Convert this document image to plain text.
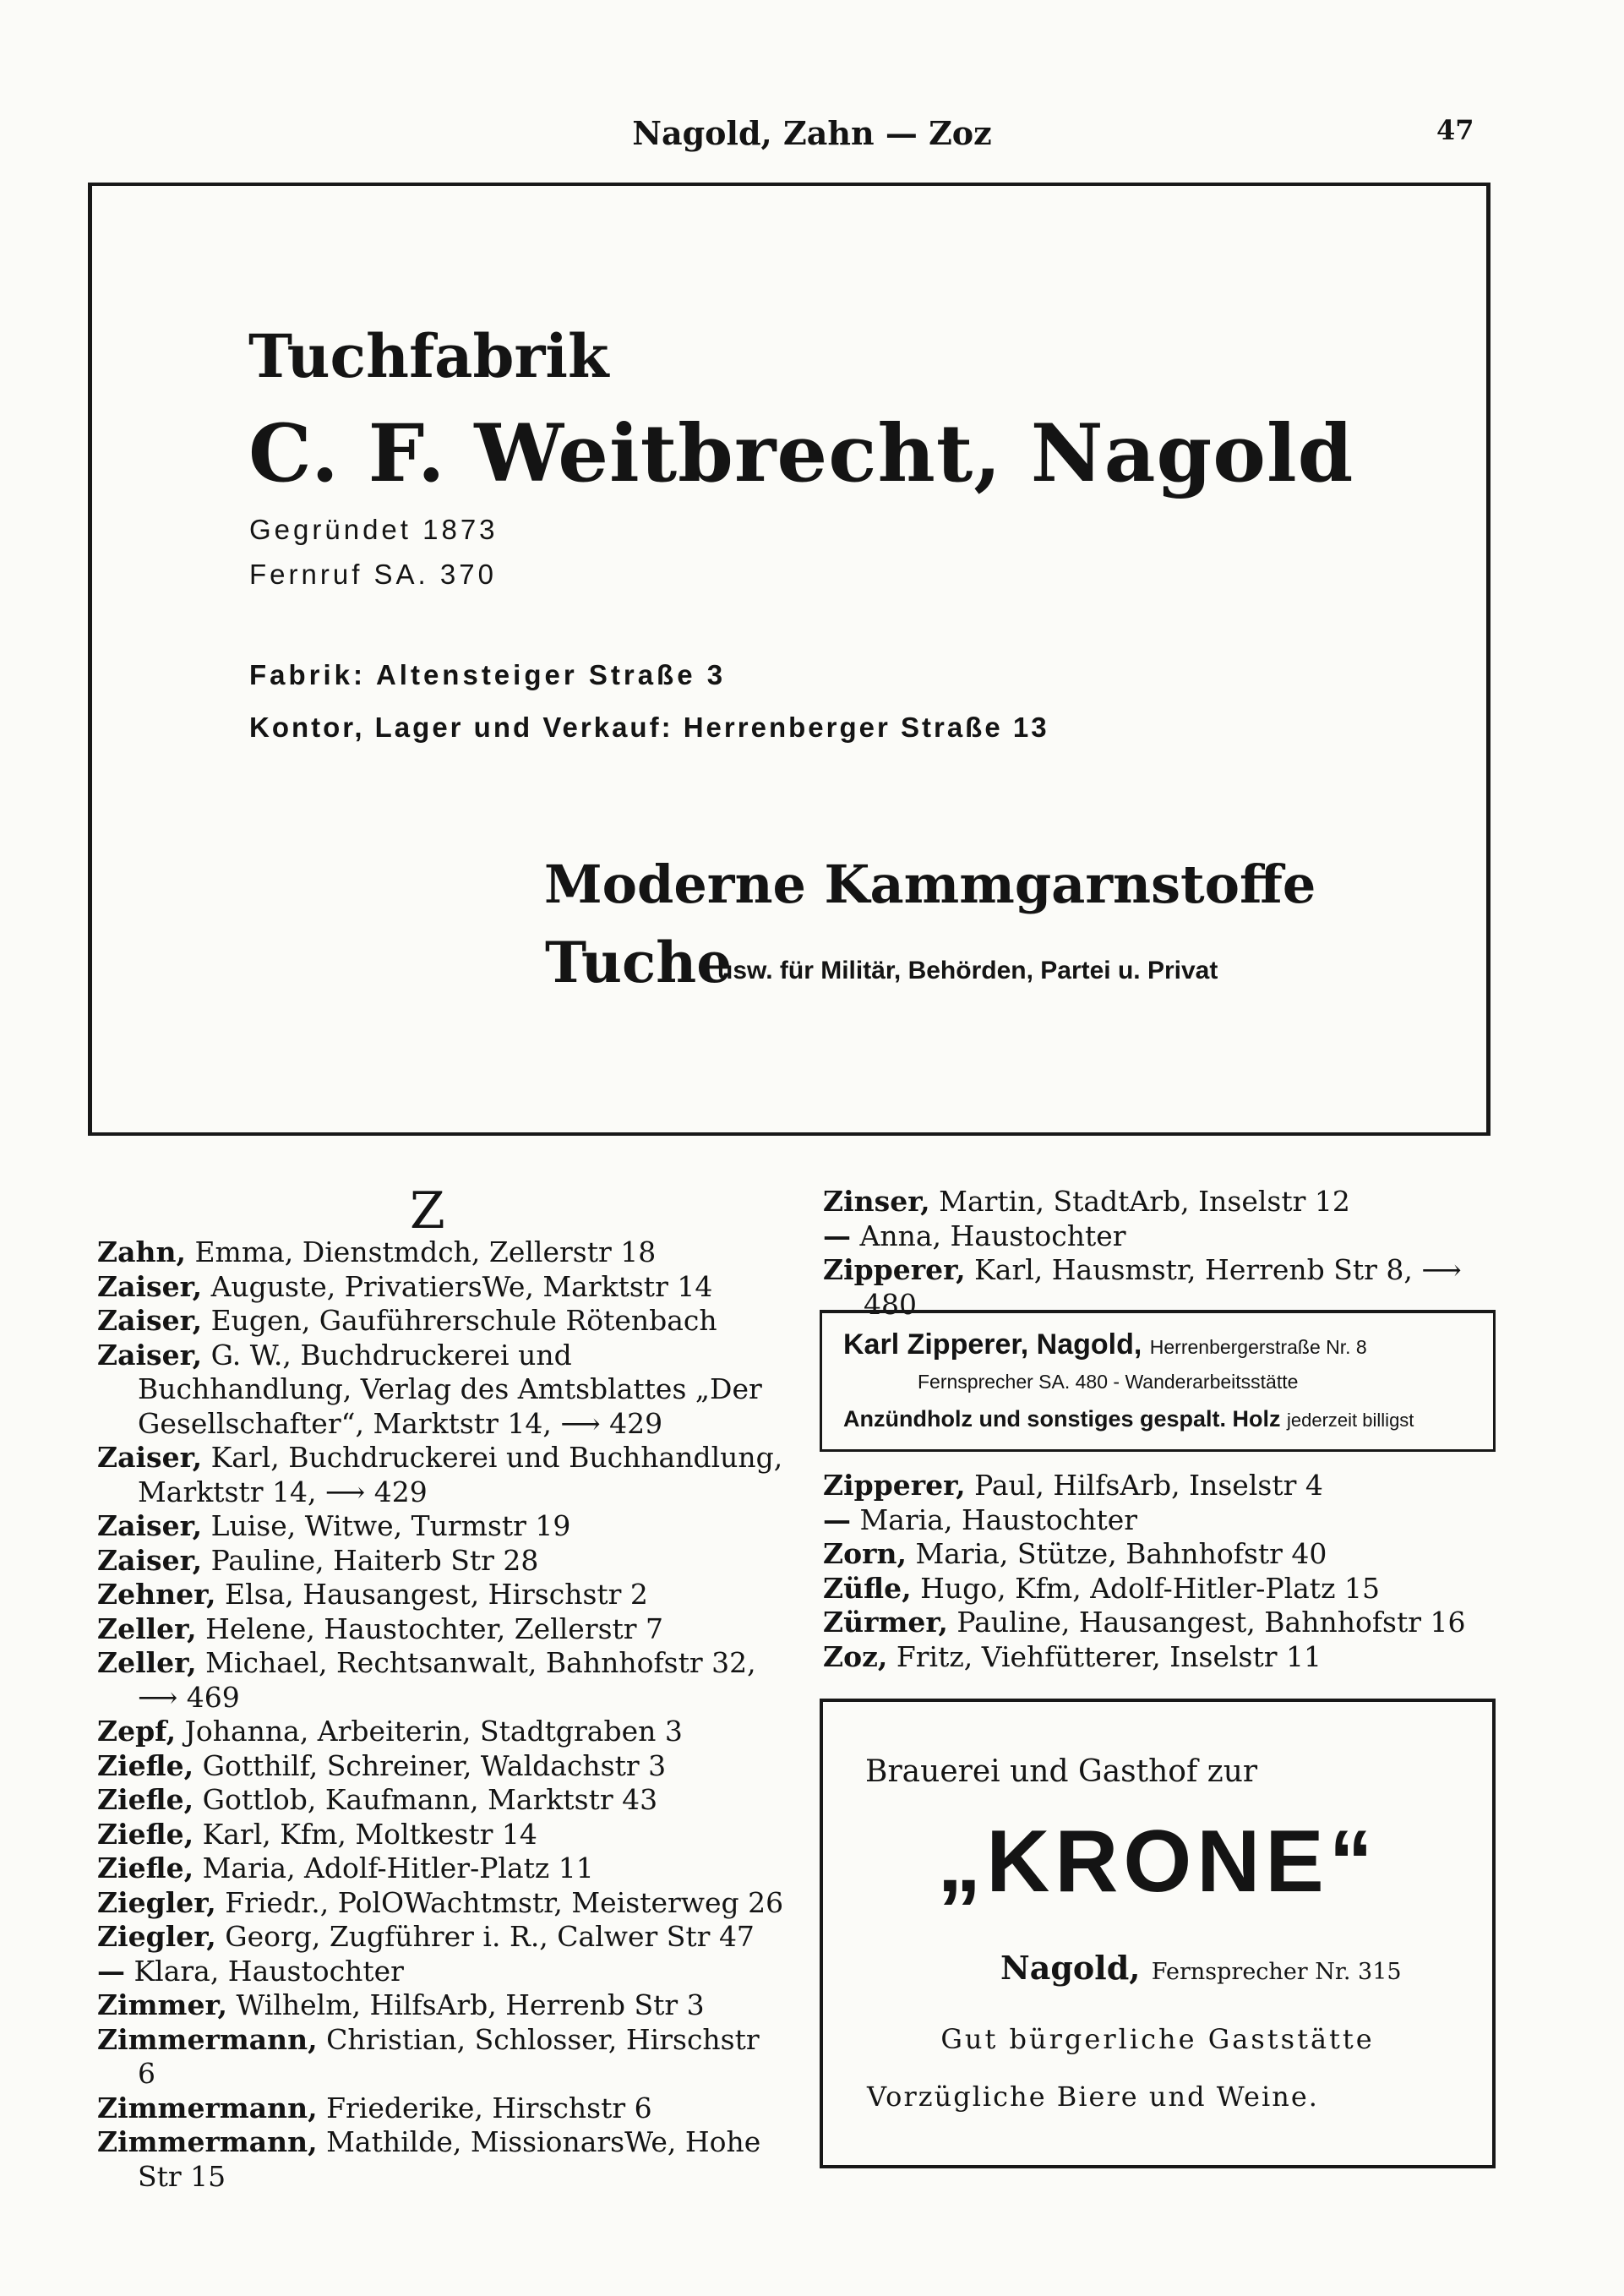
Nagold, Zahn — Zoz	47
Tuchfabrik
C. F. Weitbrecht, Nagold
Gegründet 1873
Fernruf SA. 370
Fabrik: Altensteiger Straße 3
Kontor, Lager und Verkauf: Herrenberger Straße 13
Moderne Kammgarnstoffe
Tuche
usw. für Militär, Behörden, Partei u. Privat
Z
Zahn, Emma, Dienstmdch, Zellerstr 18
Zaiser, Auguste, PrivatiersWe, Marktstr 14
Zaiser, Eugen, Gauführerschule Rötenbach
Zaiser, G. W., Buchdruckerei und Buchhandlung, Verlag des Amtsblattes „Der Gesellschafter“, Marktstr 14, ⟶ 429
Zaiser, Karl, Buchdruckerei und Buchhandlung, Marktstr 14, ⟶ 429
Zaiser, Luise, Witwe, Turmstr 19
Zaiser, Pauline, Haiterb Str 28
Zehner, Elsa, Hausangest, Hirschstr 2
Zeller, Helene, Haustochter, Zellerstr 7
Zeller, Michael, Rechtsanwalt, Bahnhofstr 32, ⟶ 469
Zepf, Johanna, Arbeiterin, Stadtgraben 3
Ziefle, Gotthilf, Schreiner, Waldachstr 3
Ziefle, Gottlob, Kaufmann, Marktstr 43
Ziefle, Karl, Kfm, Moltkestr 14
Ziefle, Maria, Adolf-Hitler-Platz 11
Ziegler, Friedr., PolOWachtmstr, Meisterweg 26
Ziegler, Georg, Zugführer i. R., Calwer Str 47
— Klara, Haustochter
Zimmer, Wilhelm, HilfsArb, Herrenb Str 3
Zimmermann, Christian, Schlosser, Hirschstr 6
Zimmermann, Friederike, Hirschstr 6
Zimmermann, Mathilde, MissionarsWe, Hohe Str 15
Zinser, Martin, StadtArb, Inselstr 12
— Anna, Haustochter
Zipperer, Karl, Hausmstr, Herrenb Str 8, ⟶ 480
Karl Zipperer, Nagold, Herrenbergerstraße Nr. 8
Fernsprecher SA. 480 - Wanderarbeitsstätte
Anzündholz und sonstiges gespalt. Holz jederzeit billigst
Zipperer, Paul, HilfsArb, Inselstr 4
— Maria, Haustochter
Zorn, Maria, Stütze, Bahnhofstr 40
Züfle, Hugo, Kfm, Adolf-Hitler-Platz 15
Zürmer, Pauline, Hausangest, Bahnhofstr 16
Zoz, Fritz, Viehfütterer, Inselstr 11
Brauerei und Gasthof zur
„KRONE“
Nagold, Fernsprecher Nr. 315
Gut bürgerliche Gaststätte
Vorzügliche Biere und Weine.
